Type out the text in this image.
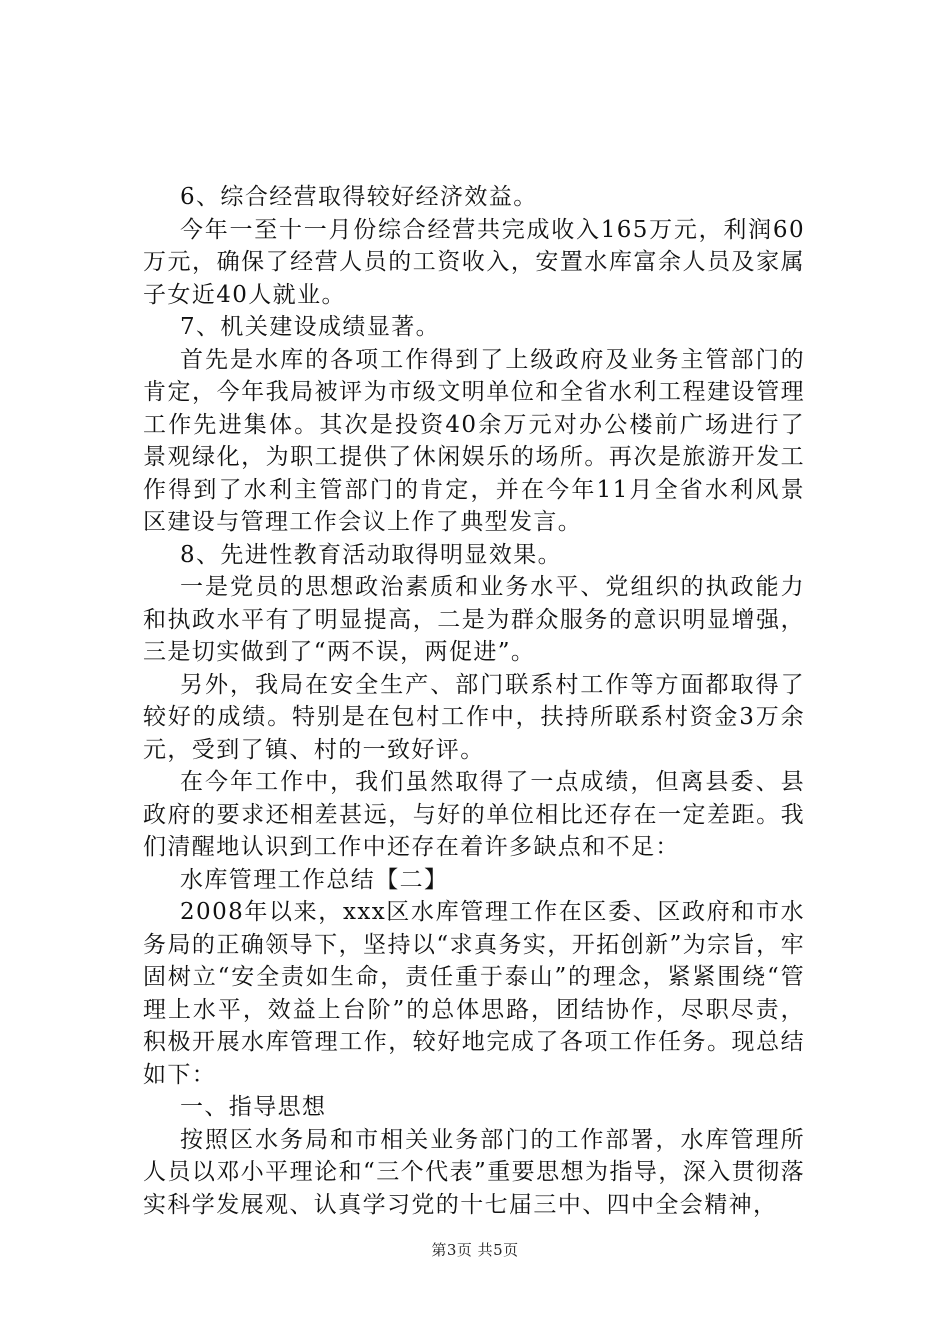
6、综合经营取得较好经济效益。

今年一至十一月份综合经营共完成收入165万元，利润60万元，确保了经营人员的工资收入，安置水库富余人员及家属子女近40人就业。

7、机关建设成绩显著。

首先是水库的各项工作得到了上级政府及业务主管部门的肯定，今年我局被评为市级文明单位和全省水利工程建设管理工作先进集体。其次是投资40余万元对办公楼前广场进行了景观绿化，为职工提供了休闲娱乐的场所。再次是旅游开发工作得到了水利主管部门的肯定，并在今年11月全省水利风景区建设与管理工作会议上作了典型发言。

8、先进性教育活动取得明显效果。

一是党员的思想政治素质和业务水平、党组织的执政能力和执政水平有了明显提高，二是为群众服务的意识明显增强，三是切实做到了“两不误，两促进”。

另外，我局在安全生产、部门联系村工作等方面都取得了较好的成绩。特别是在包村工作中，扶持所联系村资金3万余元，受到了镇、村的一致好评。

在今年工作中，我们虽然取得了一点成绩，但离县委、县政府的要求还相差甚远，与好的单位相比还存在一定差距。我们清醒地认识到工作中还存在着许多缺点和不足：

水库管理工作总结【二】

2008年以来，xxx区水库管理工作在区委、区政府和市水务局的正确领导下，坚持以“求真务实，开拓创新”为宗旨，牢固树立“安全责如生命，责任重于泰山”的理念，紧紧围绕“管理上水平，效益上台阶”的总体思路，团结协作，尽职尽责，积极开展水库管理工作，较好地完成了各项工作任务。现总结如下：

一、指导思想

按照区水务局和市相关业务部门的工作部署，水库管理所人员以邓小平理论和“三个代表”重要思想为指导，深入贯彻落实科学发展观、认真学习党的十七届三中、四中全会精神，

第3页 共5页
